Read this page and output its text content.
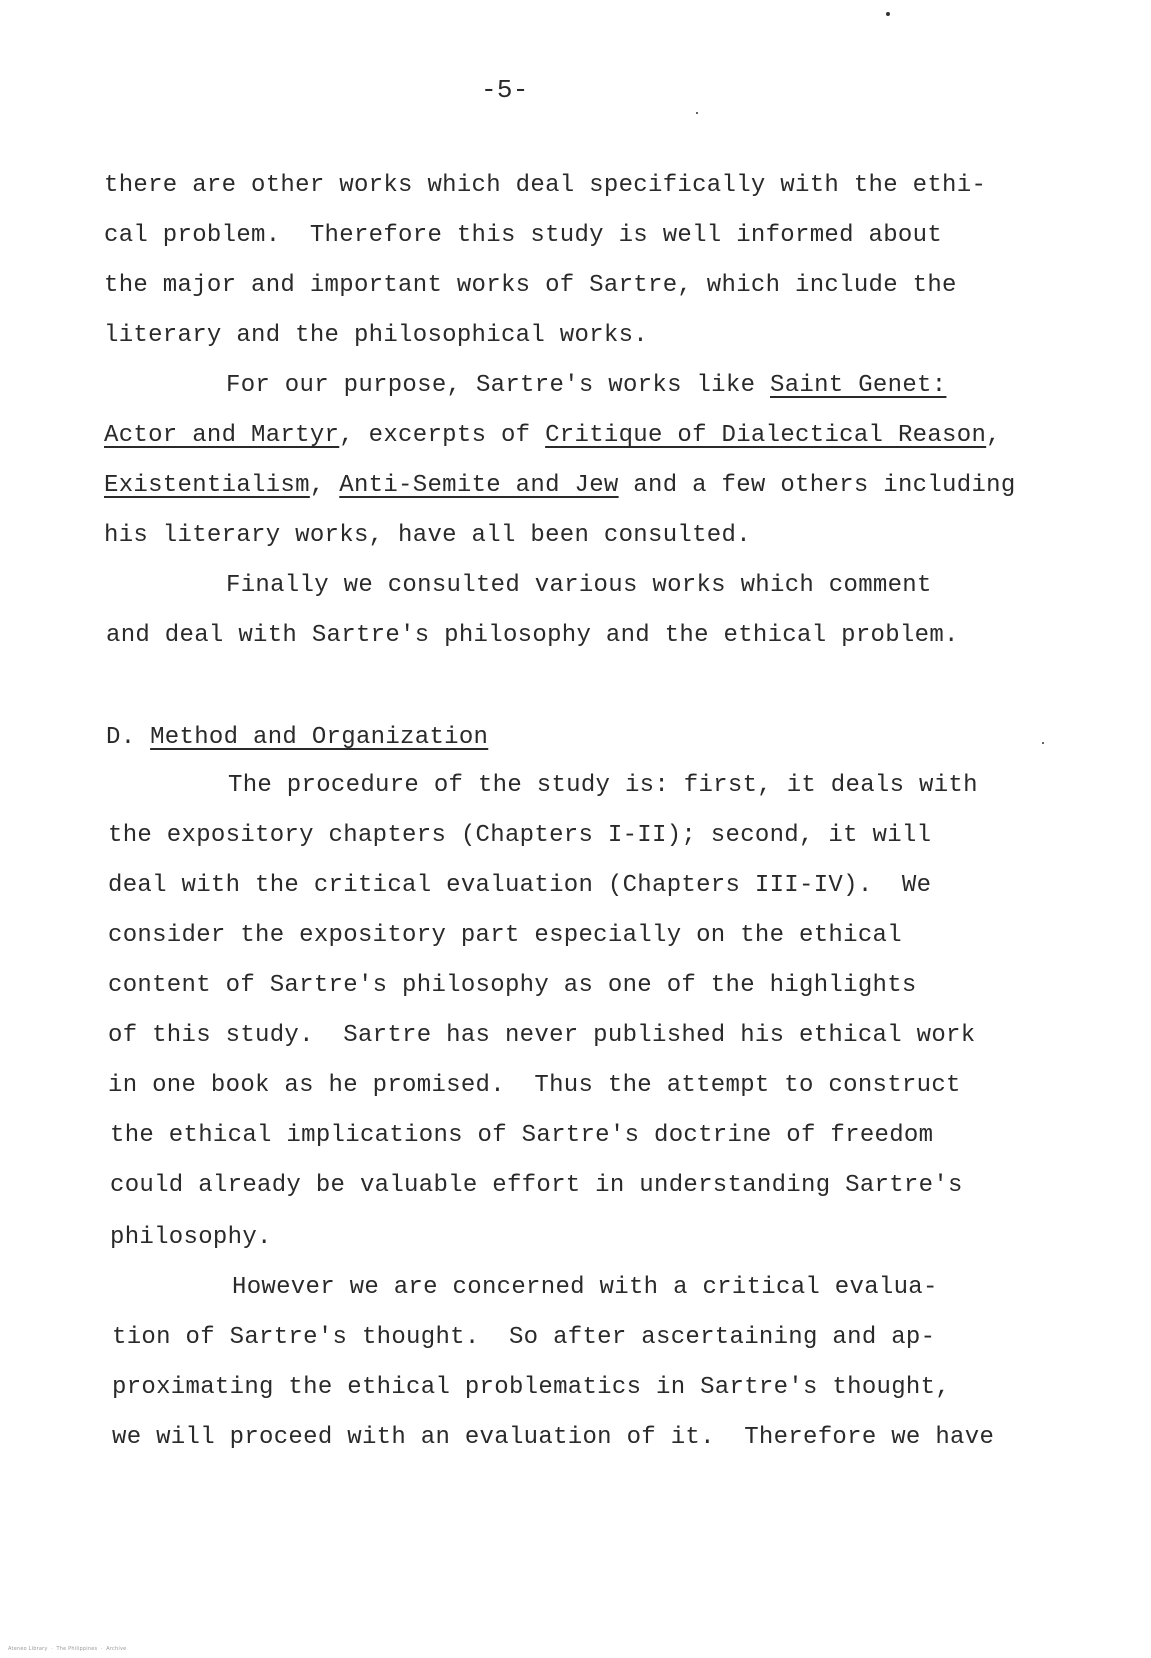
-5-
there are other works which deal specifically with the ethi-
cal problem.  Therefore this study is well informed about
the major and important works of Sartre, which include the
literary and the philosophical works.
For our purpose, Sartre's works like Saint Genet:
Actor and Martyr, excerpts of Critique of Dialectical Reason,
Existentialism, Anti-Semite and Jew and a few others including
his literary works, have all been consulted.
Finally we consulted various works which comment
and deal with Sartre's philosophy and the ethical problem.
D. Method and Organization
The procedure of the study is: first, it deals with
the expository chapters (Chapters I-II); second, it will
deal with the critical evaluation (Chapters III-IV).  We
consider the expository part especially on the ethical
content of Sartre's philosophy as one of the highlights
of this study.  Sartre has never published his ethical work
in one book as he promised.  Thus the attempt to construct
the ethical implications of Sartre's doctrine of freedom
could already be valuable effort in understanding Sartre's
philosophy.
However we are concerned with a critical evalua-
tion of Sartre's thought.  So after ascertaining and ap-
proximating the ethical problematics in Sartre's thought,
we will proceed with an evaluation of it.  Therefore we have
Ateneo Library  ·  The Philippines  ·  Archive
